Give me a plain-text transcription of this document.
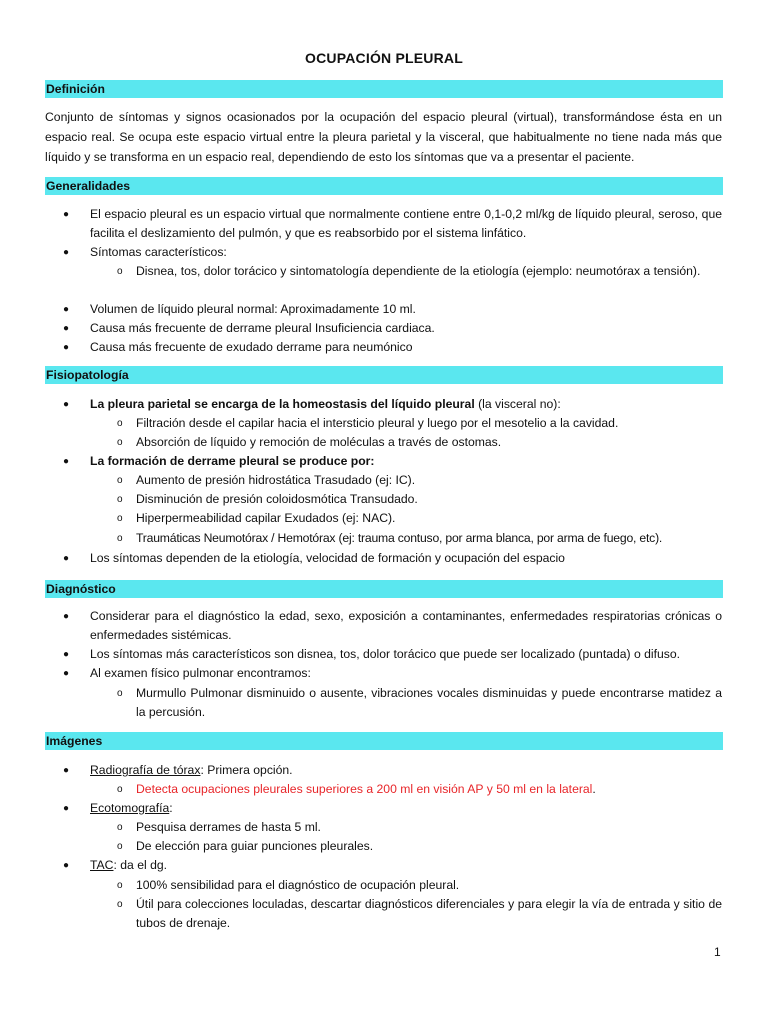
OCUPACIÓN PLEURAL
Definición
Conjunto de síntomas y signos ocasionados por la ocupación del espacio pleural (virtual), transformándose ésta en un espacio real. Se ocupa este espacio virtual entre la pleura parietal y la visceral, que habitualmente no tiene nada más que líquido y se transforma en un espacio real, dependiendo de esto los síntomas que va a presentar el paciente.
Generalidades
● El espacio pleural es un espacio virtual que normalmente contiene entre 0,1-0,2 ml/kg de líquido pleural, seroso, que facilita el deslizamiento del pulmón, y que es reabsorbido por el sistema linfático.
● Síntomas característicos:
o Disnea, tos, dolor torácico y sintomatología dependiente de la etiología (ejemplo: neumotórax a tensión).
● Volumen de líquido pleural normal: Aproximadamente 10 ml.
● Causa más frecuente de derrame pleural Insuficiencia cardiaca.
● Causa más frecuente de exudado derrame para neumónico
Fisiopatología
● La pleura parietal se encarga de la homeostasis del líquido pleural (la visceral no):
o Filtración desde el capilar hacia el intersticio pleural y luego por el mesotelio a la cavidad.
o Absorción de líquido y remoción de moléculas a través de ostomas.
● La formación de derrame pleural se produce por:
o Aumento de presión hidrostática Trasudado (ej: IC).
o Disminución de presión coloidosmótica Transudado.
o Hiperpermeabilidad capilar Exudados (ej: NAC).
o Traumáticas Neumotórax / Hemotórax (ej: trauma contuso, por arma blanca, por arma de fuego, etc).
● Los síntomas dependen de la etiología, velocidad de formación y ocupación del espacio
Diagnóstico
● Considerar para el diagnóstico la edad, sexo, exposición a contaminantes, enfermedades respiratorias crónicas o enfermedades sistémicas.
● Los síntomas más característicos son disnea, tos, dolor torácico que puede ser localizado (puntada) o difuso.
● Al examen físico pulmonar encontramos:
o Murmullo Pulmonar disminuido o ausente, vibraciones vocales disminuidas y puede encontrarse matidez a la percusión.
Imágenes
● Radiografía de tórax: Primera opción.
o Detecta ocupaciones pleurales superiores a 200 ml en visión AP y 50 ml en la lateral.
● Ecotomografía:
o Pesquisa derrames de hasta 5 ml.
o De elección para guiar punciones pleurales.
● TAC: da el dg.
o 100% sensibilidad para el diagnóstico de ocupación pleural.
o Útil para colecciones loculadas, descartar diagnósticos diferenciales y para elegir la vía de entrada y sitio de tubos de drenaje.
1
